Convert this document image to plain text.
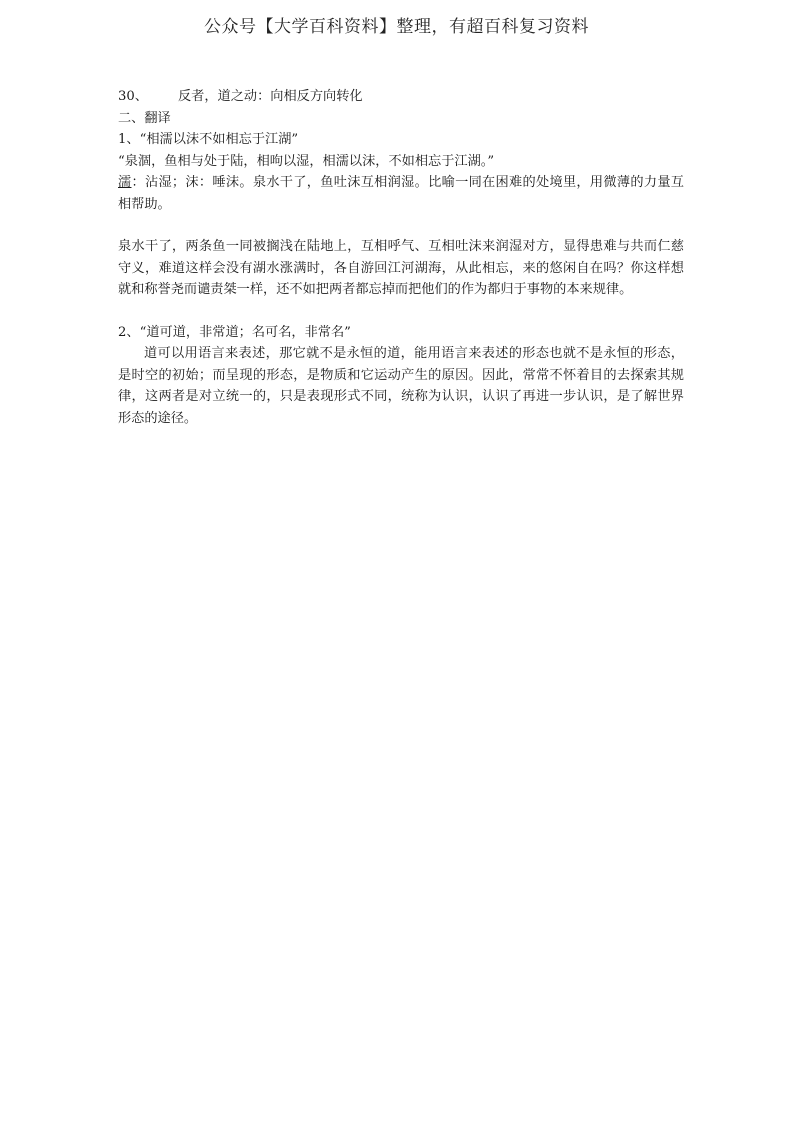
公众号【大学百科资料】整理，有超百科复习资料
30、 反者，道之动：向相反方向转化
二、翻译
1、“相濡以沫不如相忘于江湖”
“泉涸，鱼相与处于陆，相呴以湿，相濡以沫，不如相忘于江湖。”
濡：沾湿；沫：唾沫。泉水干了，鱼吐沫互相润湿。比喻一同在困难的处境里，用微薄的力量互相帮助。
泉水干了，两条鱼一同被搁浅在陆地上，互相呼气、互相吐沫来润湿对方，显得患难与共而仁慈守义，难道这样会没有湖水涨满时，各自游回江河湖海，从此相忘，来的悠闲自在吗？你这样想就和称誉尧而谴责桀一样，还不如把两者都忘掉而把他们的作为都归于事物的本来规律。
2、“道可道，非常道；名可名，非常名”
道可以用语言来表述，那它就不是永恒的道，能用语言来表述的形态也就不是永恒的形态，是时空的初始；而呈现的形态，是物质和它运动产生的原因。因此，常常不怀着目的去探索其规律，这两者是对立统一的，只是表现形式不同，统称为认识，认识了再进一步认识，是了解世界形态的途径。
